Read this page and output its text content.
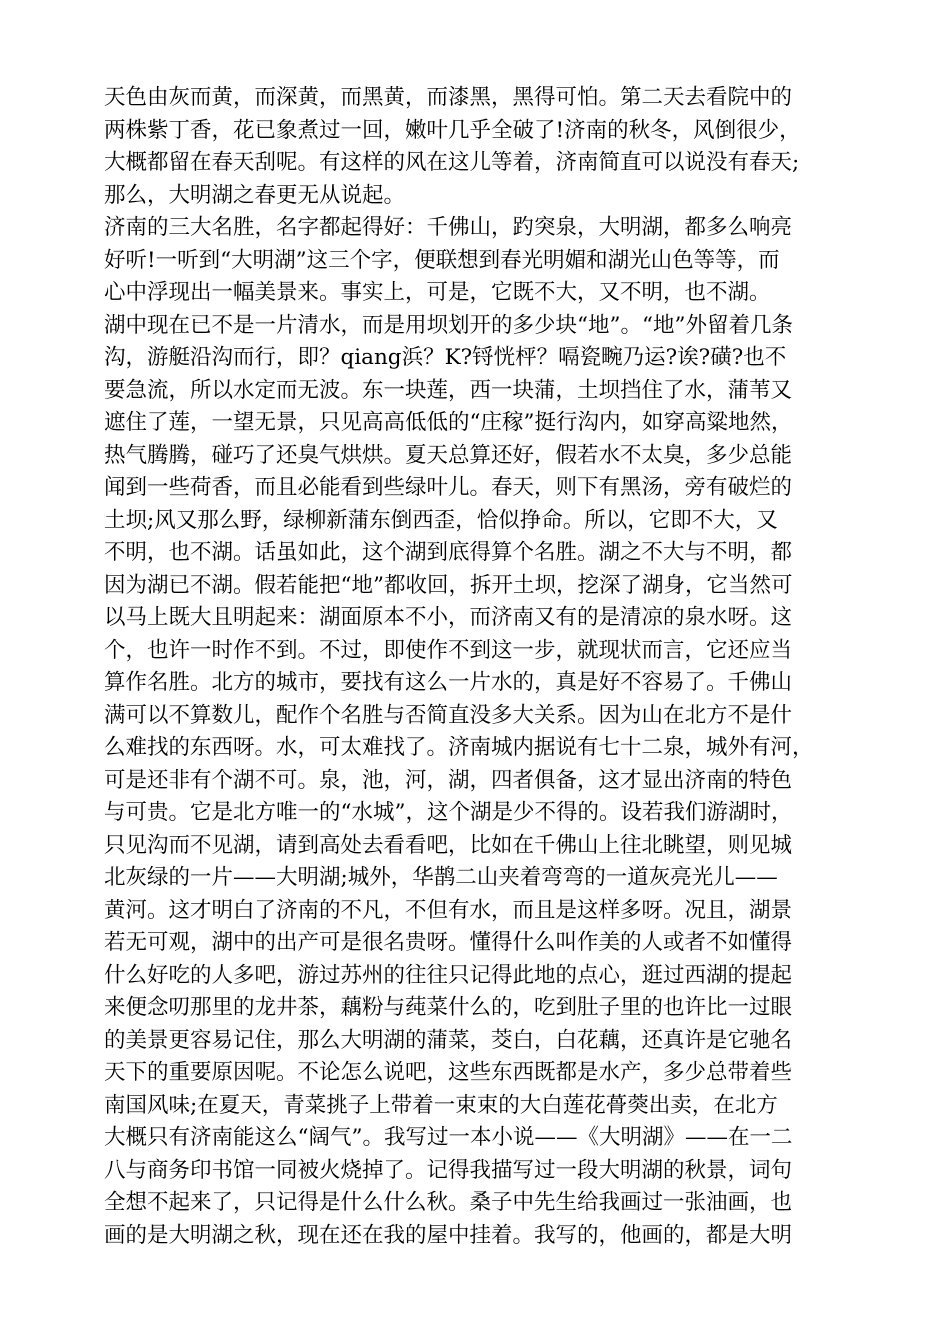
天色由灰而黄，而深黄，而黑黄，而漆黑，黑得可怕。第二天去看院中的
两株紫丁香，花已象煮过一回，嫩叶几乎全破了!济南的秋冬，风倒很少，
大概都留在春天刮呢。有这样的风在这儿等着，济南简直可以说没有春天;
那么，大明湖之春更无从说起。
济南的三大名胜，名字都起得好：千佛山，趵突泉，大明湖，都多么响亮
好听!一听到“大明湖”这三个字，便联想到春光明媚和湖光山色等等，而
心中浮现出一幅美景来。事实上，可是，它既不大，又不明，也不湖。
湖中现在已不是一片清水，而是用坝划开的多少块“地”。“地”外留着几条
沟，游艇沿沟而行，即？qiang浜？K?锊恍枰？嗝瓷畹乃运?诶?磺?也不
要急流，所以水定而无波。东一块莲，西一块蒲，土坝挡住了水，蒲苇又
遮住了莲，一望无景，只见高高低低的“庄稼”挺行沟内，如穿高粱地然，
热气腾腾，碰巧了还臭气烘烘。夏天总算还好，假若水不太臭，多少总能
闻到一些荷香，而且必能看到些绿叶儿。春天，则下有黑汤，旁有破烂的
土坝;风又那么野，绿柳新蒲东倒西歪，恰似挣命。所以，它即不大，又
不明，也不湖。话虽如此，这个湖到底得算个名胜。湖之不大与不明，都
因为湖已不湖。假若能把“地”都收回，拆开土坝，挖深了湖身，它当然可
以马上既大且明起来：湖面原本不小，而济南又有的是清凉的泉水呀。这
个，也许一时作不到。不过，即使作不到这一步，就现状而言，它还应当
算作名胜。北方的城市，要找有这么一片水的，真是好不容易了。千佛山
满可以不算数儿，配作个名胜与否简直没多大关系。因为山在北方不是什
么难找的东西呀。水，可太难找了。济南城内据说有七十二泉，城外有河，
可是还非有个湖不可。泉，池，河，湖，四者俱备，这才显出济南的特色
与可贵。它是北方唯一的“水城”，这个湖是少不得的。设若我们游湖时，
只见沟而不见湖，请到高处去看看吧，比如在千佛山上往北眺望，则见城
北灰绿的一片——大明湖;城外，华鹊二山夹着弯弯的一道灰亮光儿——
黄河。这才明白了济南的不凡，不但有水，而且是这样多呀。况且，湖景
若无可观，湖中的出产可是很名贵呀。懂得什么叫作美的人或者不如懂得
什么好吃的人多吧，游过苏州的往往只记得此地的点心，逛过西湖的提起
来便念叨那里的龙井茶，藕粉与莼菜什么的，吃到肚子里的也许比一过眼
的美景更容易记住，那么大明湖的蒲菜，茭白，白花藕，还真许是它驰名
天下的重要原因呢。不论怎么说吧，这些东西既都是水产，多少总带着些
南国风味;在夏天，青菜挑子上带着一束束的大白莲花蓇葖出卖，在北方
大概只有济南能这么“阔气”。我写过一本小说——《大明湖》——在一二
八与商务印书馆一同被火烧掉了。记得我描写过一段大明湖的秋景，词句
全想不起来了，只记得是什么什么秋。桑子中先生给我画过一张油画，也
画的是大明湖之秋，现在还在我的屋中挂着。我写的，他画的，都是大明
